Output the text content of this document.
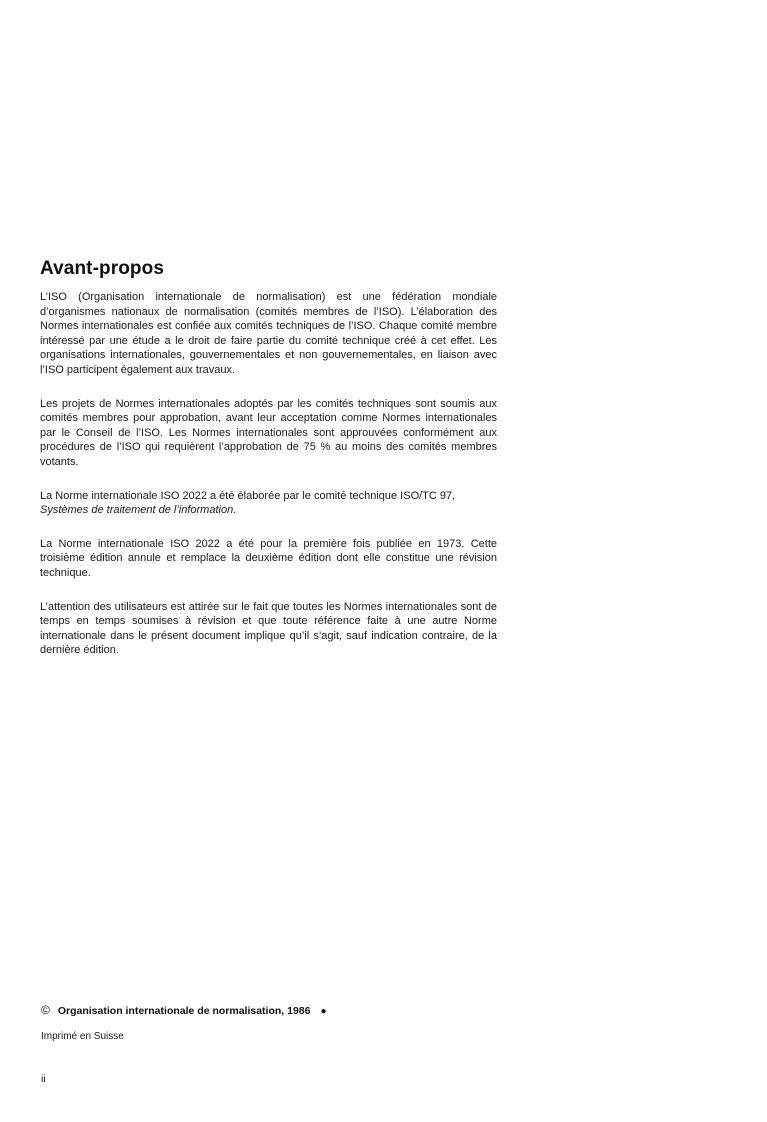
Avant-propos

L’ISO (Organisation internationale de normalisation) est une fédération mondiale d’organismes nationaux de normalisation (comités membres de l’ISO). L’élaboration des Normes internationales est confiée aux comités techniques de l’ISO. Chaque comité membre intéressé par une étude a le droit de faire partie du comité technique créé à cet effet. Les organisations internationales, gouvernementales et non gouvernementales, en liaison avec l’ISO participent également aux travaux.

Les projets de Normes internationales adoptés par les comités techniques sont soumis aux comités membres pour approbation, avant leur acceptation comme Normes internationales par le Conseil de l’ISO. Les Normes internationales sont approuvées conformément aux procédures de l’ISO qui requièrent l’approbation de 75 % au moins des comités membres votants.

La Norme internationale ISO 2022 a été élaborée par le comité technique ISO/TC 97,
Systèmes de traitement de l’information.

La Norme internationale ISO 2022 a été pour la première fois publiée en 1973. Cette troisième édition annule et remplace la deuxième édition dont elle constitue une révision technique.

L’attention des utilisateurs est attirée sur le fait que toutes les Normes internationales sont de temps en temps soumises à révision et que toute référence faite à une autre Norme internationale dans le présent document implique qu’il s’agit, sauf indication contraire, de la dernière édition.

© Organisation internationale de normalisation, 1986 ●
Imprimé en Suisse
ii
